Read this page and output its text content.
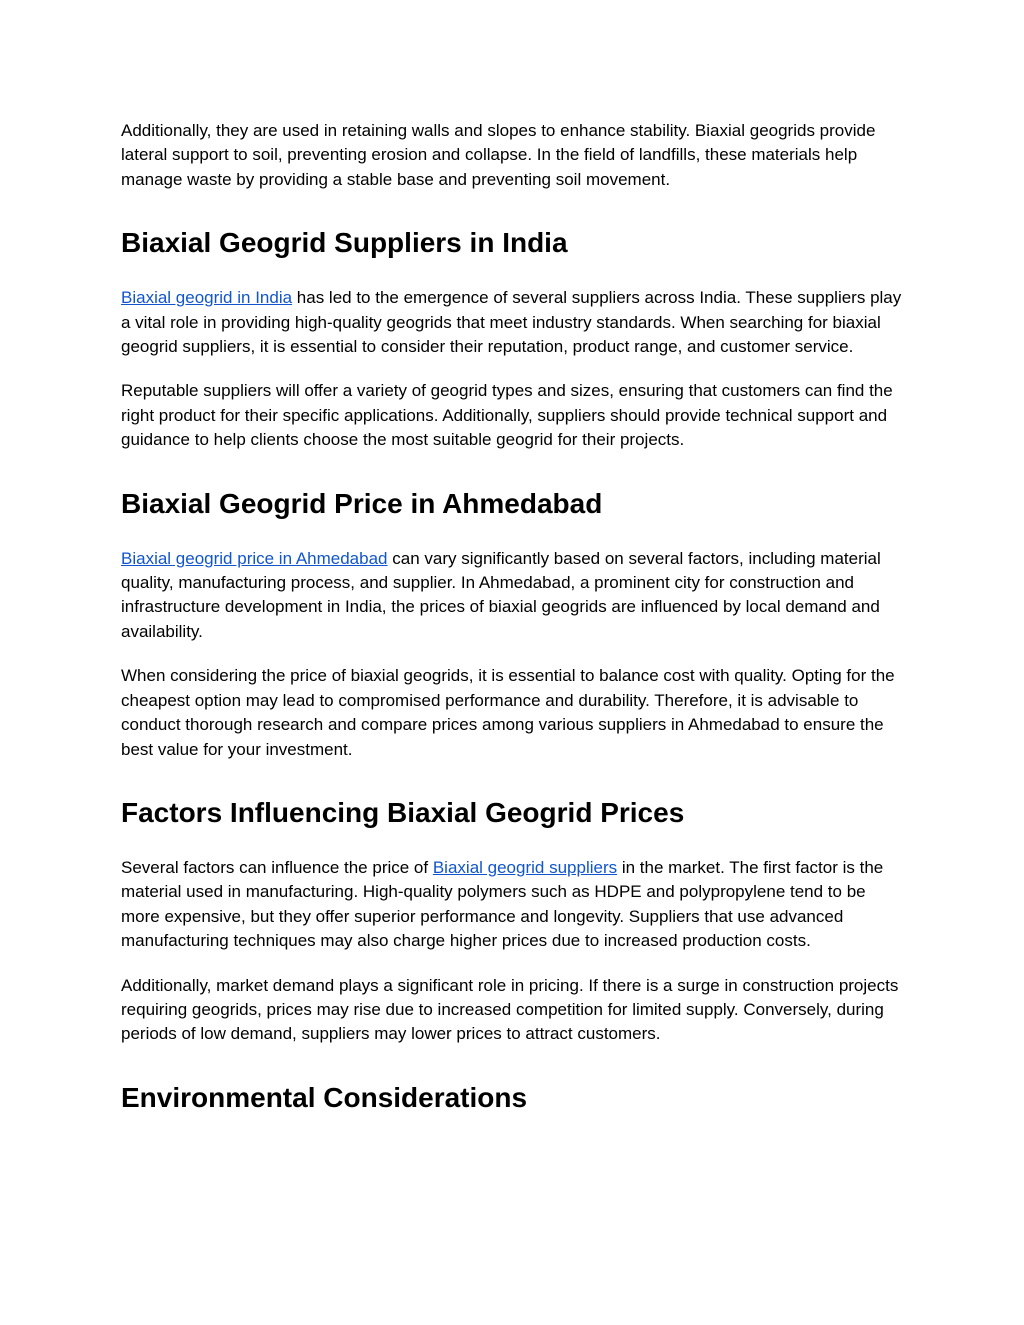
Additionally, they are used in retaining walls and slopes to enhance stability. Biaxial geogrids provide lateral support to soil, preventing erosion and collapse. In the field of landfills, these materials help manage waste by providing a stable base and preventing soil movement.

Biaxial Geogrid Suppliers in India

Biaxial geogrid in India has led to the emergence of several suppliers across India. These suppliers play a vital role in providing high-quality geogrids that meet industry standards. When searching for biaxial geogrid suppliers, it is essential to consider their reputation, product range, and customer service.

Reputable suppliers will offer a variety of geogrid types and sizes, ensuring that customers can find the right product for their specific applications. Additionally, suppliers should provide technical support and guidance to help clients choose the most suitable geogrid for their projects.

Biaxial Geogrid Price in Ahmedabad

Biaxial geogrid price in Ahmedabad can vary significantly based on several factors, including material quality, manufacturing process, and supplier. In Ahmedabad, a prominent city for construction and infrastructure development in India, the prices of biaxial geogrids are influenced by local demand and availability.

When considering the price of biaxial geogrids, it is essential to balance cost with quality. Opting for the cheapest option may lead to compromised performance and durability. Therefore, it is advisable to conduct thorough research and compare prices among various suppliers in Ahmedabad to ensure the best value for your investment.

Factors Influencing Biaxial Geogrid Prices

Several factors can influence the price of Biaxial geogrid suppliers in the market. The first factor is the material used in manufacturing. High-quality polymers such as HDPE and polypropylene tend to be more expensive, but they offer superior performance and longevity. Suppliers that use advanced manufacturing techniques may also charge higher prices due to increased production costs.

Additionally, market demand plays a significant role in pricing. If there is a surge in construction projects requiring geogrids, prices may rise due to increased competition for limited supply. Conversely, during periods of low demand, suppliers may lower prices to attract customers.

Environmental Considerations
